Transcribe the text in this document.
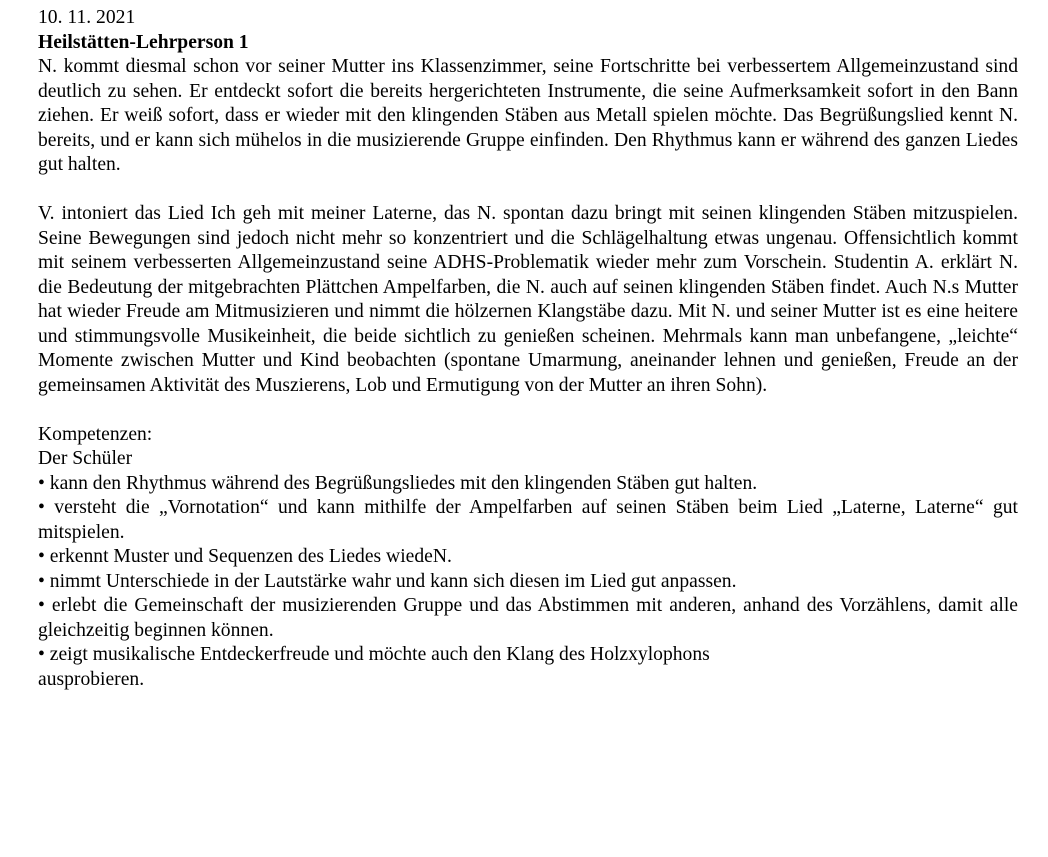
10. 11. 2021
Heilstätten-Lehrperson 1

N. kommt diesmal schon vor seiner Mutter ins Klassenzimmer, seine Fortschritte bei verbessertem Allgemeinzustand sind deutlich zu sehen. Er entdeckt sofort die bereits hergerichteten Instrumente, die seine Aufmerksamkeit sofort in den Bann ziehen. Er weiß sofort, dass er wieder mit den klingenden Stäben aus Metall spielen möchte. Das Begrüßungslied kennt N. bereits, und er kann sich mühelos in die musizierende Gruppe einfinden. Den Rhythmus kann er während des ganzen Liedes gut halten.

V. intoniert das Lied Ich geh mit meiner Laterne, das N. spontan dazu bringt mit seinen klingenden Stäben mitzuspielen. Seine Bewegungen sind jedoch nicht mehr so konzentriert und die Schlägelhaltung etwas ungenau. Offensichtlich kommt mit seinem verbesserten Allgemeinzustand seine ADHS-Problematik wieder mehr zum Vorschein. Studentin A. erklärt N. die Bedeutung der mitgebrachten Plättchen Ampelfarben, die N. auch auf seinen klingenden Stäben findet. Auch N.s Mutter hat wieder Freude am Mitmusizieren und nimmt die hölzernen Klangstäbe dazu. Mit N. und seiner Mutter ist es eine heitere und stimmungsvolle Musikeinheit, die beide sichtlich zu genießen scheinen. Mehrmals kann man unbefangene, „leichte“ Momente zwischen Mutter und Kind beobachten (spontane Umarmung, aneinander lehnen und genießen, Freude an der gemeinsamen Aktivität des Muszierens, Lob und Ermutigung von der Mutter an ihren Sohn).

Kompetenzen:
Der Schüler
• kann den Rhythmus während des Begrüßungsliedes mit den klingenden Stäben gut halten.
• versteht die „Vornotation“ und kann mithilfe der Ampelfarben auf seinen Stäben beim Lied „Laterne, Laterne“ gut mitspielen.
• erkennt Muster und Sequenzen des Liedes wiedeN.
• nimmt Unterschiede in der Lautstärke wahr und kann sich diesen im Lied gut anpassen.
• erlebt die Gemeinschaft der musizierenden Gruppe und das Abstimmen mit anderen, anhand des Vorzählens, damit alle gleichzeitig beginnen können.
• zeigt musikalische Entdeckerfreude und möchte auch den Klang des Holzxylophons
ausprobieren.
